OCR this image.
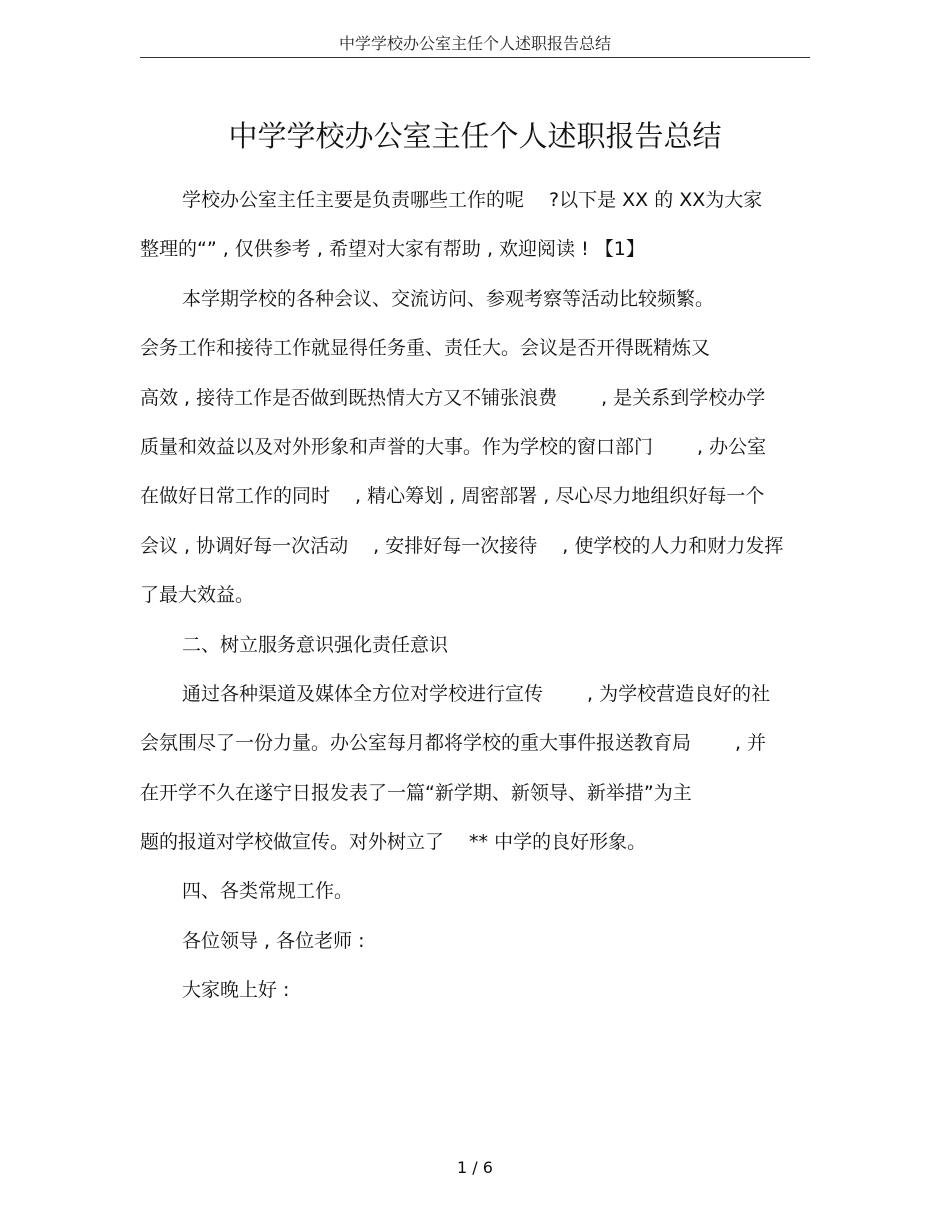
中学学校办公室主任个人述职报告总结
中学学校办公室主任个人述职报告总结
学校办公室主任主要是负责哪些工作的呢　 ?以下是 XX 的 XX为大家
整理的“” , 仅供参考 , 希望对大家有帮助 , 欢迎阅读 ! 【1】
本学期学校的各种会议、交流访问、参观考察等活动比较频繁。
会务工作和接待工作就显得任务重、责任大。会议是否开得既精炼又
高效 , 接待工作是否做到既热情大方又不铺张浪费　　 , 是关系到学校办学
质量和效益以及对外形象和声誉的大事。作为学校的窗口部门　　 , 办公室
在做好日常工作的同时　 , 精心筹划 , 周密部署 , 尽心尽力地组织好每一个
会议 , 协调好每一次活动　 , 安排好每一次接待　 , 使学校的人力和财力发挥
了最大效益。
二、树立服务意识强化责任意识
通过各种渠道及媒体全方位对学校进行宣传　　 , 为学校营造良好的社
会氛围尽了一份力量。办公室每月都将学校的重大事件报送教育局　　 , 并
在开学不久在遂宁日报发表了一篇“新学期、新领导、新举措”为主
题的报道对学校做宣传。对外树立了　 ** 中学的良好形象。
四、各类常规工作。
各位领导 , 各位老师 :
大家晚上好 :
1 / 6
